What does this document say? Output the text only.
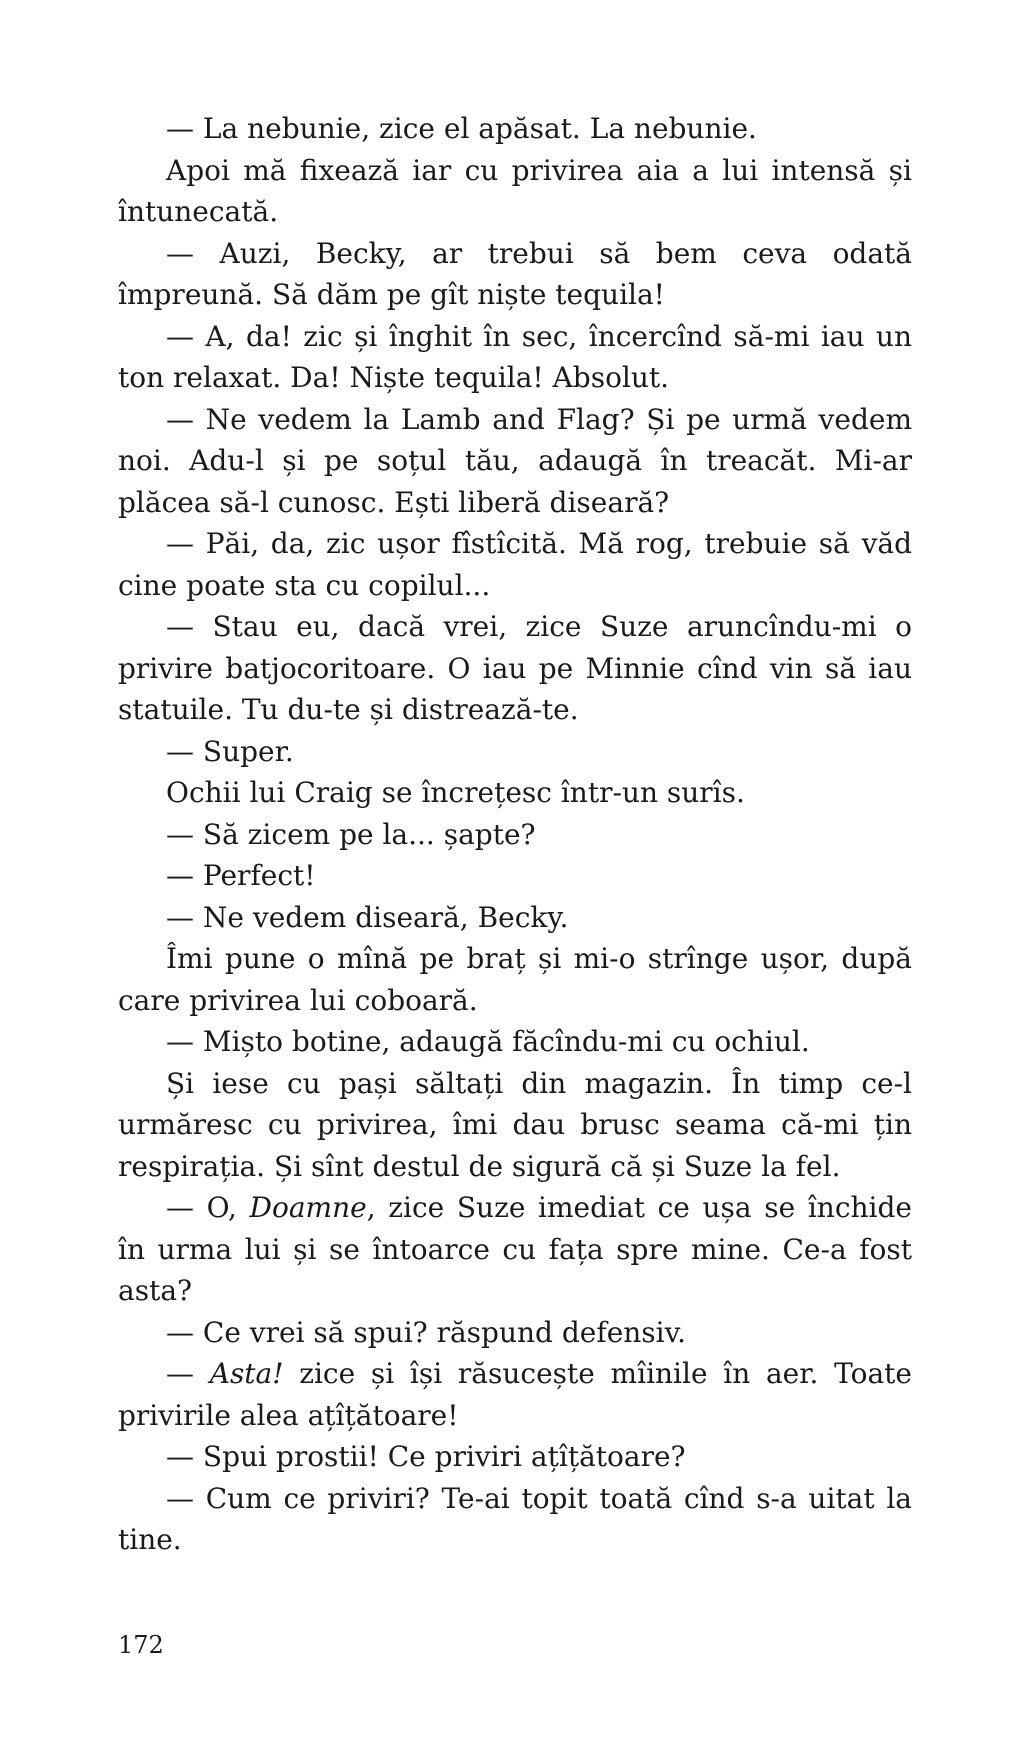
— La nebunie, zice el apăsat. La nebunie.

Apoi mă fixează iar cu privirea aia a lui intensă și întunecată.

— Auzi, Becky, ar trebui să bem ceva odată împreună. Să dăm pe gît niște tequila!

— A, da! zic și înghit în sec, încercînd să-mi iau un ton relaxat. Da! Niște tequila! Absolut.

— Ne vedem la Lamb and Flag? Și pe urmă vedem noi. Adu-l și pe soțul tău, adaugă în treacăt. Mi-ar plăcea să-l cunosc. Ești liberă diseară?

— Păi, da, zic ușor fîstîcită. Mă rog, trebuie să văd cine poate sta cu copilul...

— Stau eu, dacă vrei, zice Suze aruncîndu-mi o privire batjocoritoare. O iau pe Minnie cînd vin să iau statuile. Tu du-te și distrează-te.

— Super.

Ochii lui Craig se încrețesc într-un surîs.

— Să zicem pe la... șapte?

— Perfect!

— Ne vedem diseară, Becky.

Îmi pune o mînă pe braț și mi-o strînge ușor, după care privirea lui coboară.

— Mișto botine, adaugă făcîndu-mi cu ochiul.

Și iese cu pași săltați din magazin. În timp ce-l urmăresc cu privirea, îmi dau brusc seama că-mi țin respirația. Și sînt destul de sigură că și Suze la fel.

— O, Doamne, zice Suze imediat ce ușa se închide în urma lui și se întoarce cu fața spre mine. Ce-a fost asta?

— Ce vrei să spui? răspund defensiv.

— Asta! zice și își răsucește mîinile în aer. Toate privirile alea ațîțătoare!

— Spui prostii! Ce priviri ațîțătoare?

— Cum ce priviri? Te-ai topit toată cînd s-a uitat la tine.

172
